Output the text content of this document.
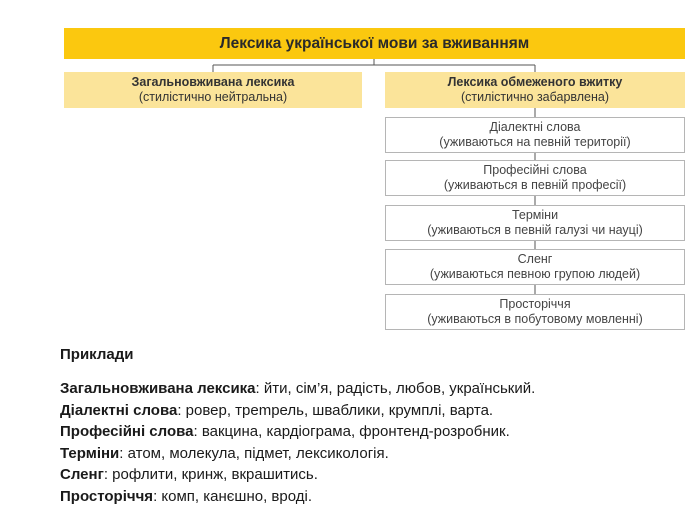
Лексика української мови за вживанням
Загальновживана лексика
(стилістично нейтральна)
Лексика обмеженого вжитку
(стилістично забарвлена)
Діалектні слова
(уживаються на певній території)
Професійні слова
(уживаються в певній професії)
Терміни
(уживаються в певній галузі чи науці)
Сленг
(уживаються певною групою людей)
Просторіччя
(уживаються в побутовому мовленні)
Приклади
Загальновживана лексика: йти, сім’я, радість, любов, український.
Діалектні слова: ровер, трempель, шваблики, крумплі, варта.
Професійні слова: вакцина, кардіограма, фронтенд-розробник.
Терміни: атом, молекула, підмет, лексикологія.
Сленг: рофлити, кринж, вкрашитись.
Просторіччя: комп, канєшно, вроді.
